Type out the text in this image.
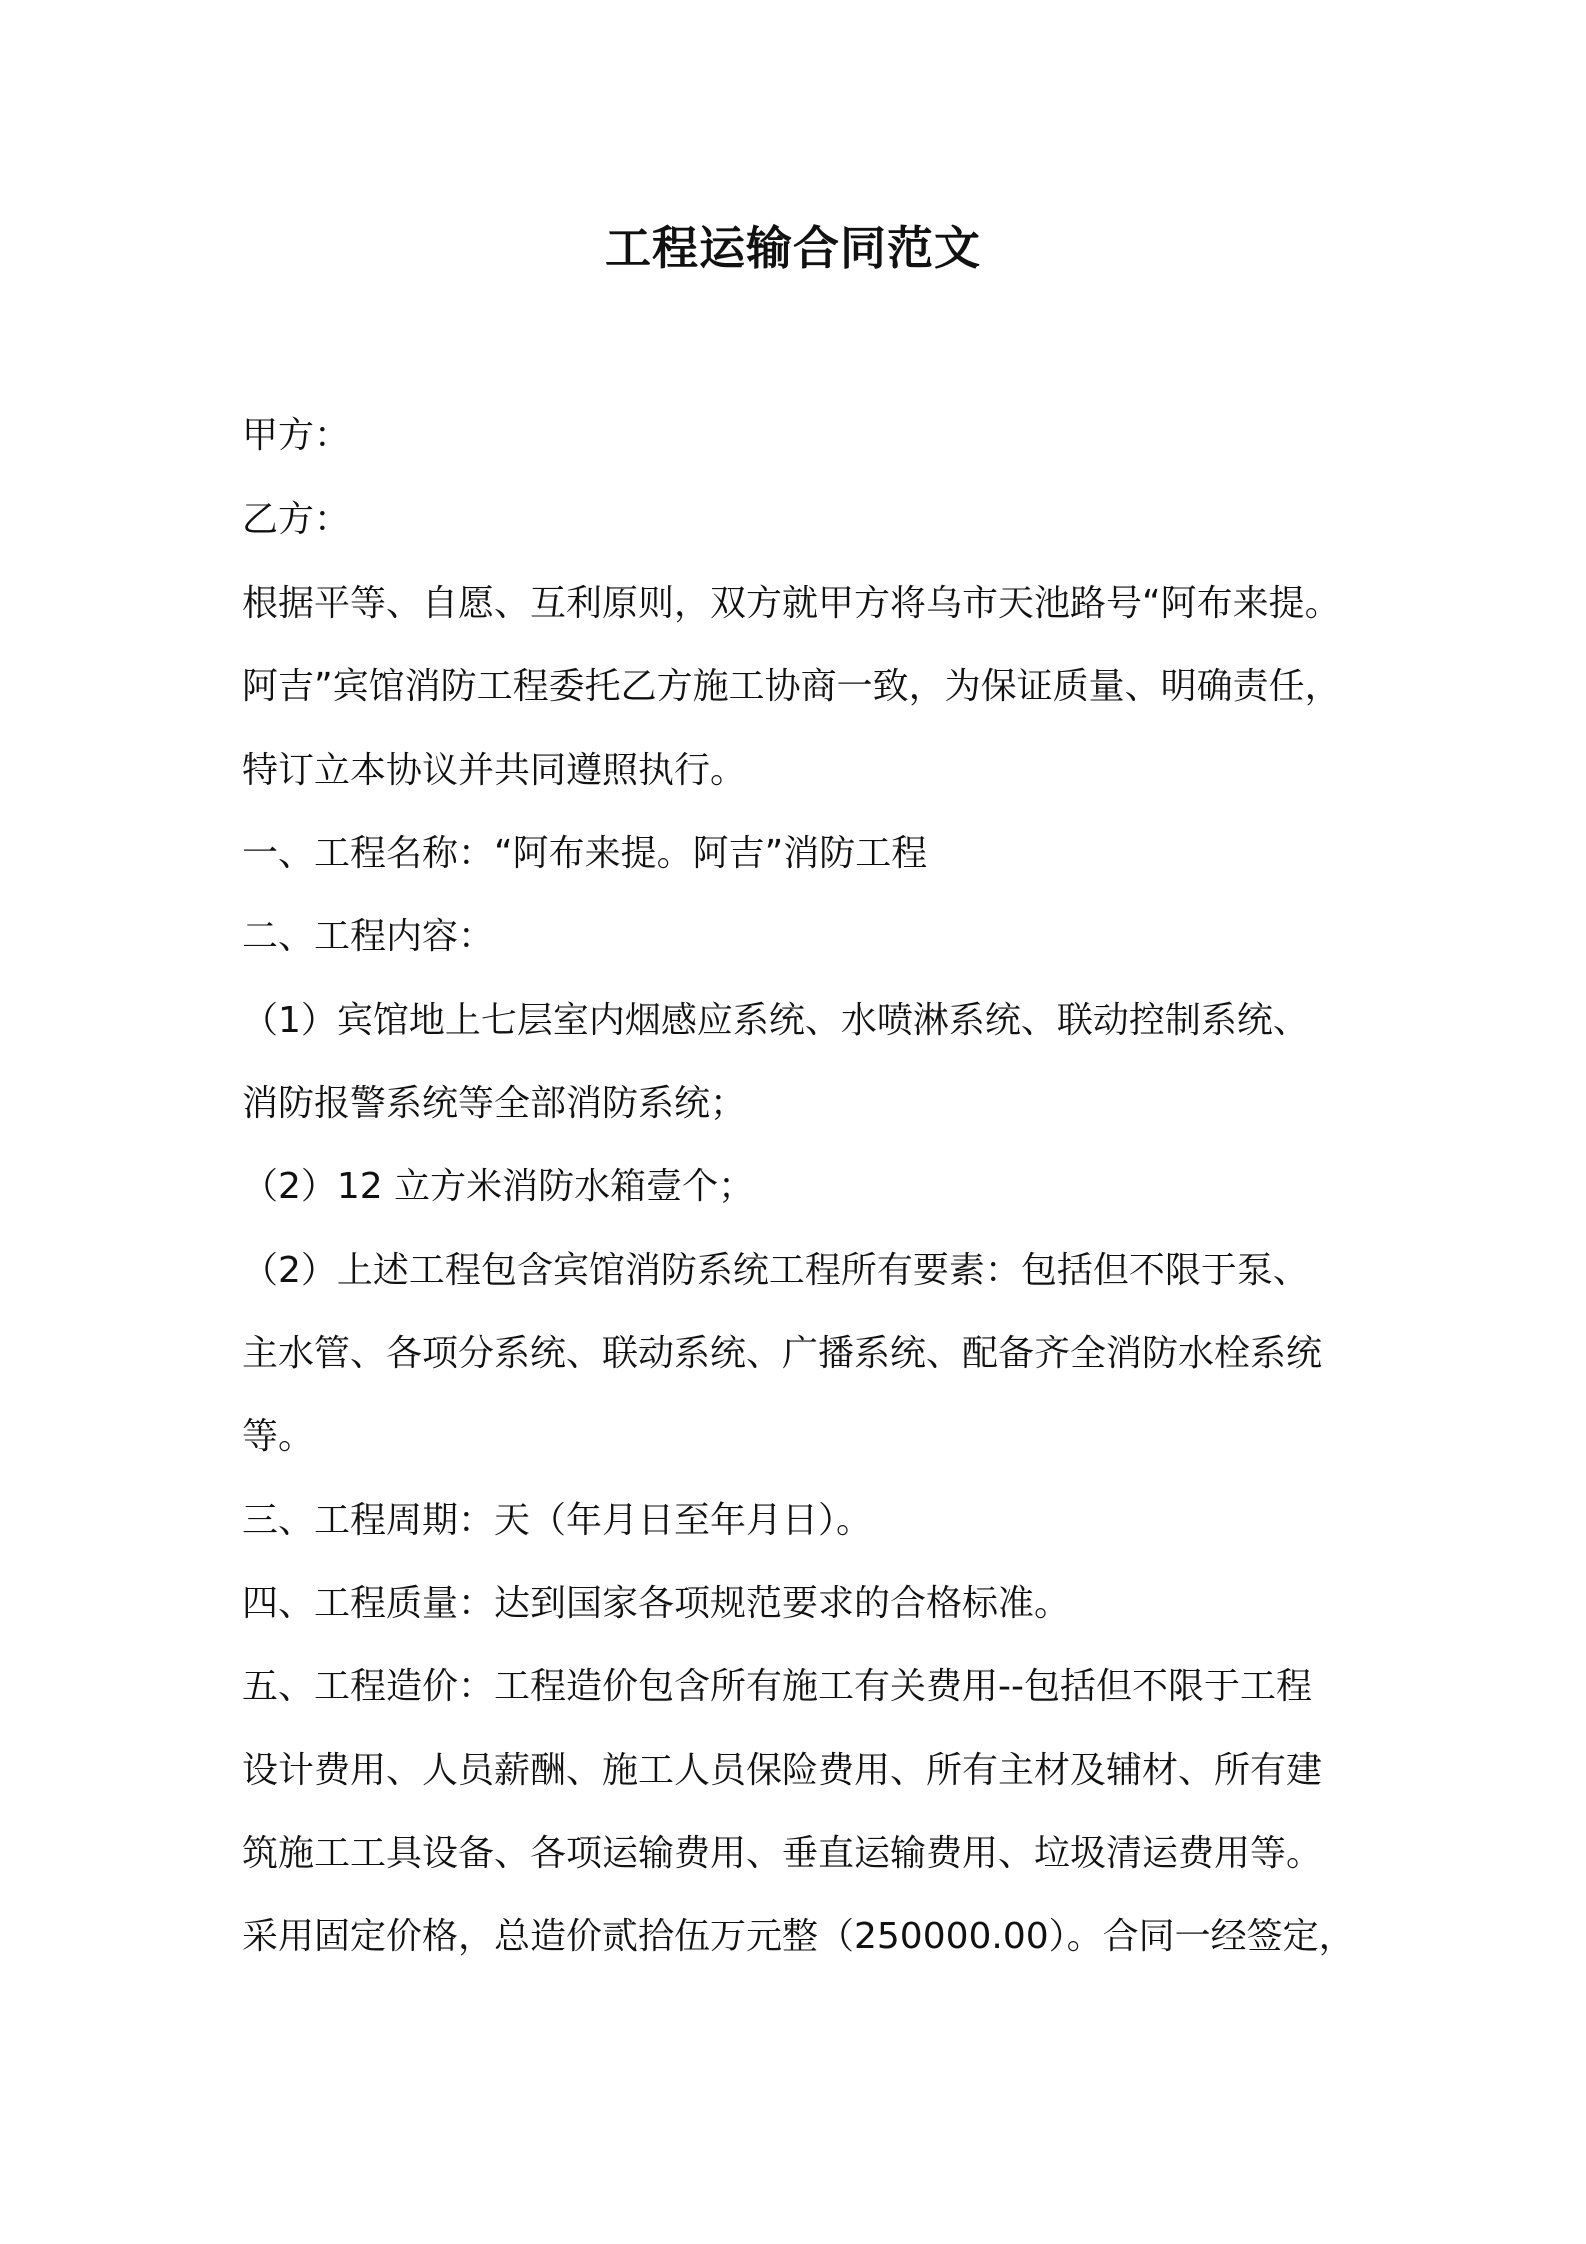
工程运输合同范文

甲方：

乙方：

根据平等、自愿、互利原则，双方就甲方将乌市天池路号“阿布来提。

阿吉”宾馆消防工程委托乙方施工协商一致，为保证质量、明确责任，

特订立本协议并共同遵照执行。

一、工程名称：“阿布来提。阿吉”消防工程

二、工程内容：

（1）宾馆地上七层室内烟感应系统、水喷淋系统、联动控制系统、

消防报警系统等全部消防系统；

（2）12 立方米消防水箱壹个；

（2）上述工程包含宾馆消防系统工程所有要素：包括但不限于泵、

主水管、各项分系统、联动系统、广播系统、配备齐全消防水栓系统

等。

三、工程周期：天（年月日至年月日）。

四、工程质量：达到国家各项规范要求的合格标准。

五、工程造价：工程造价包含所有施工有关费用--包括但不限于工程

设计费用、人员薪酬、施工人员保险费用、所有主材及辅材、所有建

筑施工工具设备、各项运输费用、垂直运输费用、垃圾清运费用等。

采用固定价格，总造价贰拾伍万元整（250000.00）。合同一经签定，
